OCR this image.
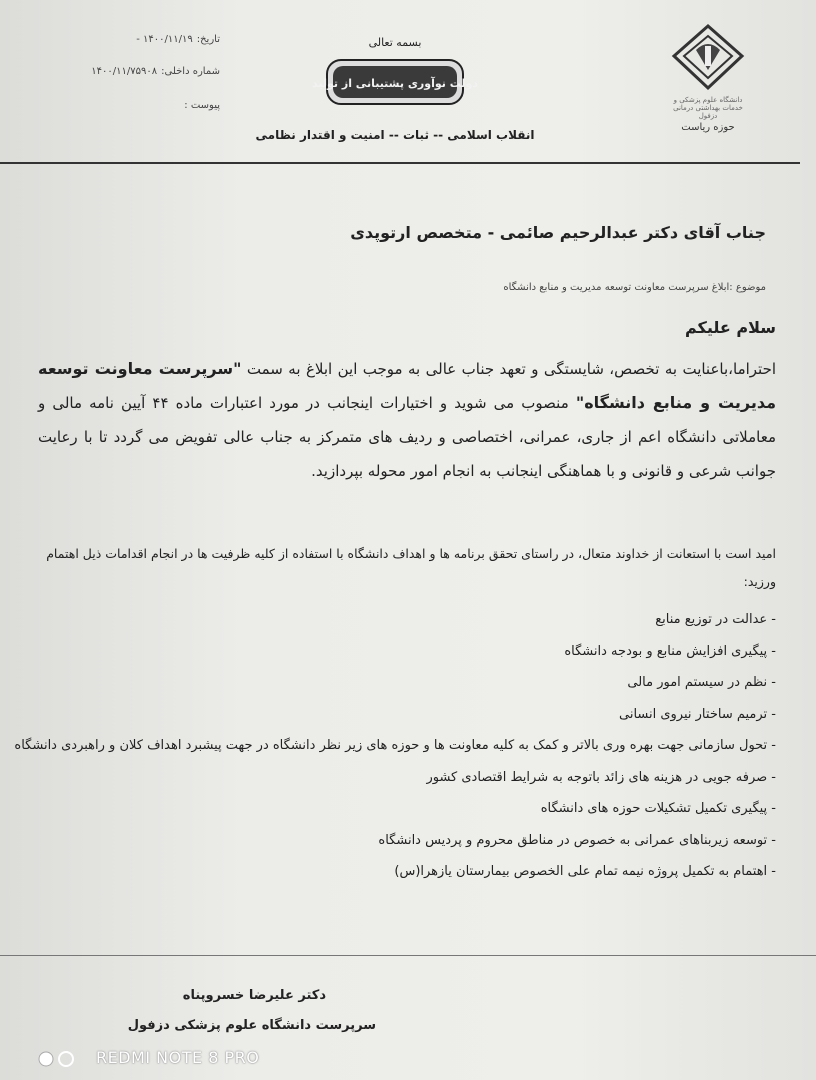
دانشگاه علوم پزشکی و خدمات بهداشتی درمانی دزفول
حوزه ریاست
بسمه تعالی
دولت نوآوری پشتیبانی از تولید
انقلاب اسلامی -- ثبات -- امنیت و اقتدار نظامی
تاریخ:
۱۴۰۰/۱۱/۱۹ -
شماره داخلی:
۱۴۰۰/۱۱/۷۵۹۰۸
پیوست :
جناب آقای دکتر عبدالرحیم صائمی - متخصص ارتوپدی
موضوع :ابلاغ سرپرست معاونت توسعه مدیریت و منابع دانشگاه
سلام علیکم
احتراما،باعنایت به تخصص، شایستگی و تعهد جناب عالی به موجب این ابلاغ به سمت "سرپرست معاونت توسعه مدیریت و منابع دانشگاه" منصوب می شوید و اختیارات اینجانب در مورد اعتبارات ماده ۴۴ آیین نامه مالی و معاملاتی دانشگاه اعم از جاری، عمرانی، اختصاصی و ردیف های متمرکز به جناب عالی تفویض می گردد تا با رعایت جوانب شرعی و قانونی و با هماهنگی اینجانب به انجام امور محوله بپردازید.
امید است با استعانت از خداوند متعال، در راستای تحقق برنامه ها و اهداف دانشگاه با استفاده از کلیه ظرفیت ها در انجام اقدامات ذیل اهتمام ورزید:
- عدالت در توزیع منابع
- پیگیری افزایش منابع و بودجه دانشگاه
- نظم در سیستم امور مالی
- ترمیم ساختار نیروی انسانی
- تحول سازمانی جهت بهره وری بالاتر و کمک به کلیه معاونت ها و حوزه های زیر نظر دانشگاه در جهت پیشبرد اهداف کلان و راهبردی دانشگاه
- صرفه جویی در هزینه های زائد باتوجه به شرایط اقتصادی کشور
- پیگیری تکمیل تشکیلات حوزه های دانشگاه
- توسعه زیربناهای عمرانی به خصوص در مناطق محروم و پردیس دانشگاه
- اهتمام به تکمیل پروژه نیمه تمام علی الخصوص بیمارستان یازهرا(س)
دکتر علیرضا خسروپناه
سرپرست دانشگاه علوم پزشکی دزفول
REDMI NOTE 8 PRO
